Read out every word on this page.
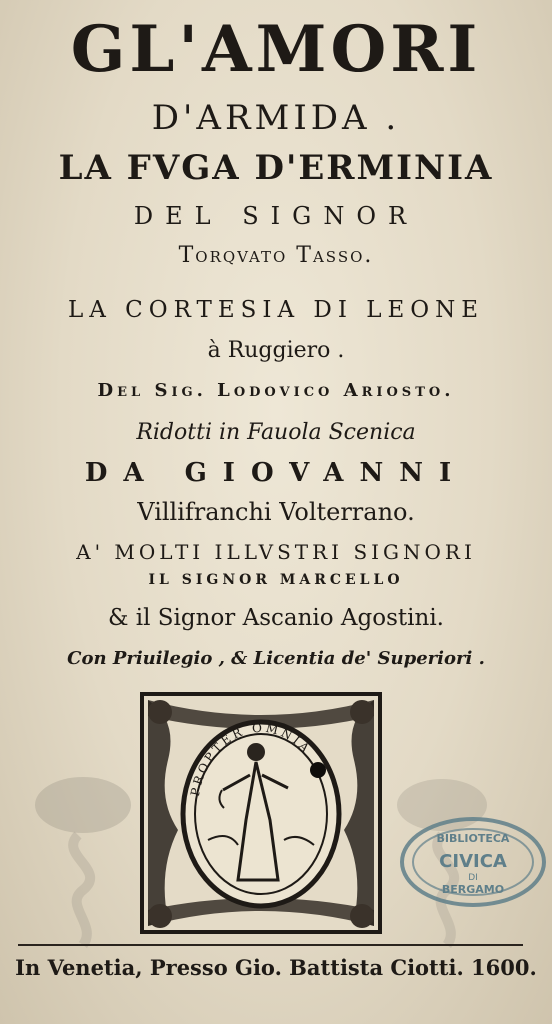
GL'AMORI
D'ARMIDA .
LA FVGA D'ERMINIA
DEL SIGNOR
Torqvato Tasso.
LA CORTESIA DI LEONE
à Ruggiero .
Del Sig. Lodovico Ariosto.
Ridotti in Fauola Scenica
DA GIOVANNI
Villifranchi Volterrano.
A' MOLTI ILLVSTRI SIGNORI
IL SIGNOR MARCELLO
& il Signor Ascanio Agostini.
Con Priuilegio , & Licentia de' Superiori .
PROPTER OMNIA
BIBLIOTECA
CIVICA
DI
BERGAMO
In Venetia, Presso Gio. Battista Ciotti. 1600.
